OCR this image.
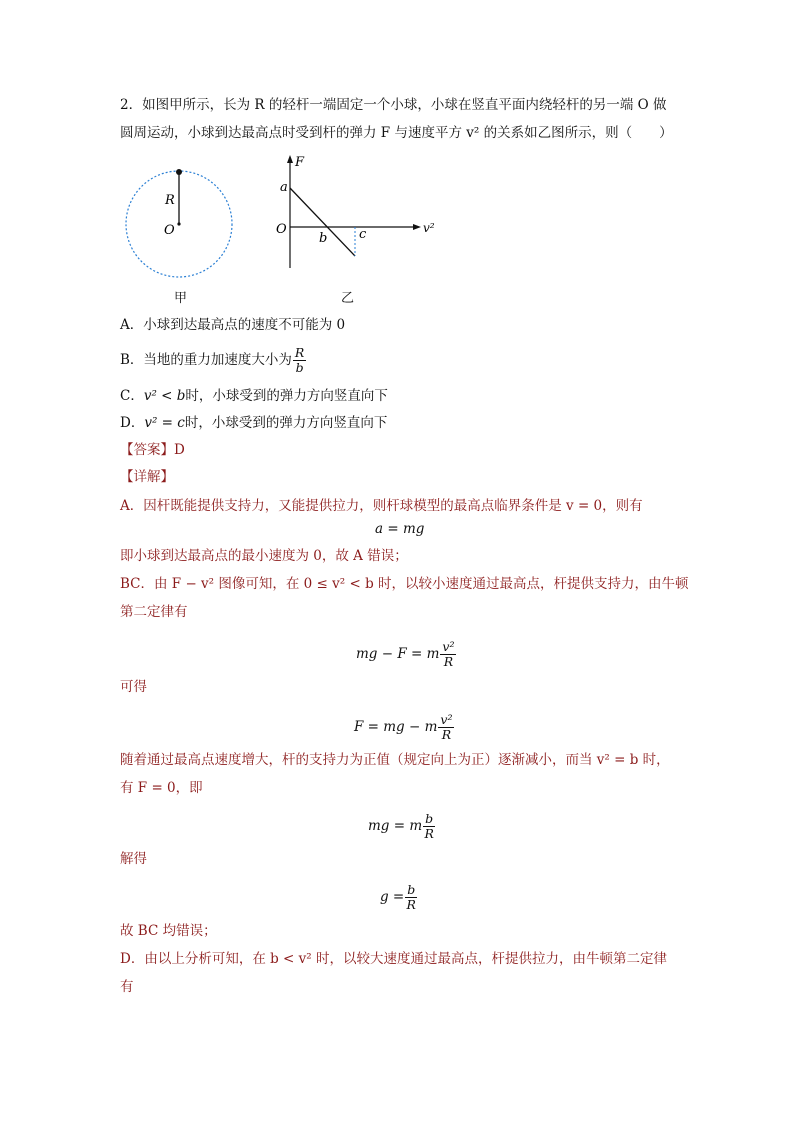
2．如图甲所示，长为 R 的轻杆一端固定一个小球，小球在竖直平面内绕轻杆的另一端 O 做
圆周运动，小球到达最高点时受到杆的弹力 F 与速度平方 v² 的关系如乙图所示，则（　　）
R
O
甲
F
v²
a
O
b c
乙
A．小球到达最高点的速度不可能为 0
B．当地的重力加速度大小为 $\frac{R}{b}$
C．v² < b时，小球受到的弹力方向竖直向下
D．v² = c时，小球受到的弹力方向竖直向下
【答案】D
【详解】
A．因杆既能提供支持力，又能提供拉力，则杆球模型的最高点临界条件是 v = 0，则有
a = mg
即小球到达最高点的最小速度为 0，故 A 错误；
BC．由 F − v² 图像可知，在 0 ≤ v² < b 时，以较小速度通过最高点，杆提供支持力，由牛顿
第二定律有
mg − F = m $\frac{\text{v²}}{R}$
可得
F = mg − m $\frac{\text{v²}}{R}$
随着通过最高点速度增大，杆的支持力为正值（规定向上为正）逐渐减小，而当 v² = b 时，
有 F = 0，即
mg = m $\frac{b}{R}$
解得
$g = \frac{b}{R}$
故 BC 均错误；
D．由以上分析可知，在 b < v² 时，以较大速度通过最高点，杆提供拉力，由牛顿第二定律
有
